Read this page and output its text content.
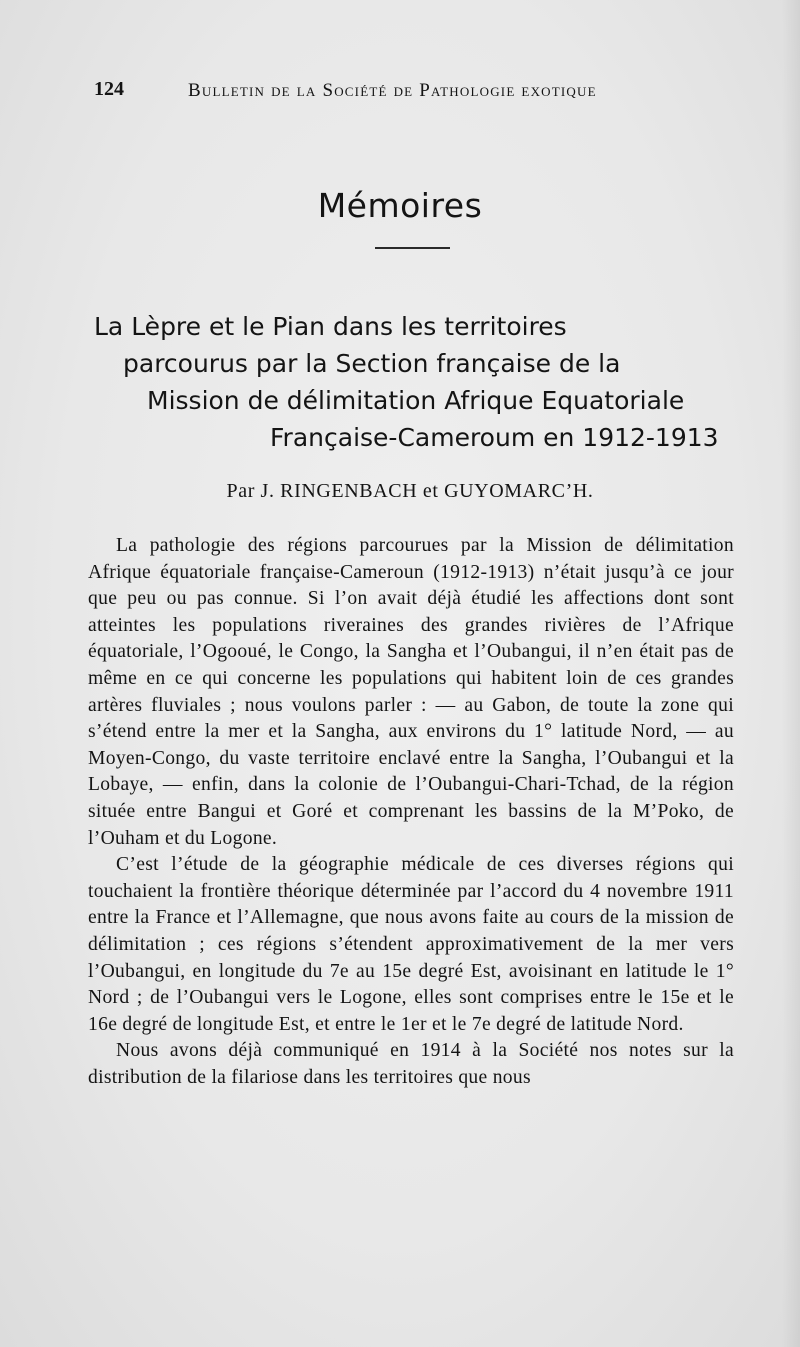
124	Bulletin de la Société de Pathologie exotique
Mémoires
La Lèpre et le Pian dans les territoires
parcourus par la Section française de la
Mission de délimitation Afrique Equatoriale
Française-Cameroum en 1912-1913
Par J. RINGENBACH et GUYOMARC’H.

La pathologie des régions parcourues par la Mission de délimitation Afrique équatoriale française-Cameroun (1912-1913) n’était jusqu’à ce jour que peu ou pas connue. Si l’on avait déjà étudié les affections dont sont atteintes les populations riveraines des grandes rivières de l’Afrique équatoriale, l’Ogooué, le Congo, la Sangha et l’Oubangui, il n’en était pas de même en ce qui concerne les populations qui habitent loin de ces grandes artères fluviales ; nous voulons parler : — au Gabon, de toute la zone qui s’étend entre la mer et la Sangha, aux environs du 1° latitude Nord, — au Moyen-Congo, du vaste territoire enclavé entre la Sangha, l’Oubangui et la Lobaye, — enfin, dans la colonie de l’Oubangui-Chari-Tchad, de la région située entre Bangui et Goré et comprenant les bassins de la M’Poko, de l’Ouham et du Logone.

C’est l’étude de la géographie médicale de ces diverses régions qui touchaient la frontière théorique déterminée par l’accord du 4 novembre 1911 entre la France et l’Allemagne, que nous avons faite au cours de la mission de délimitation ; ces régions s’étendent approximativement de la mer vers l’Oubangui, en longitude du 7e au 15e degré Est, avoisinant en latitude le 1° Nord ; de l’Oubangui vers le Logone, elles sont comprises entre le 15e et le 16e degré de longitude Est, et entre le 1er et le 7e degré de latitude Nord.

Nous avons déjà communiqué en 1914 à la Société nos notes sur la distribution de la filariose dans les territoires que nous
